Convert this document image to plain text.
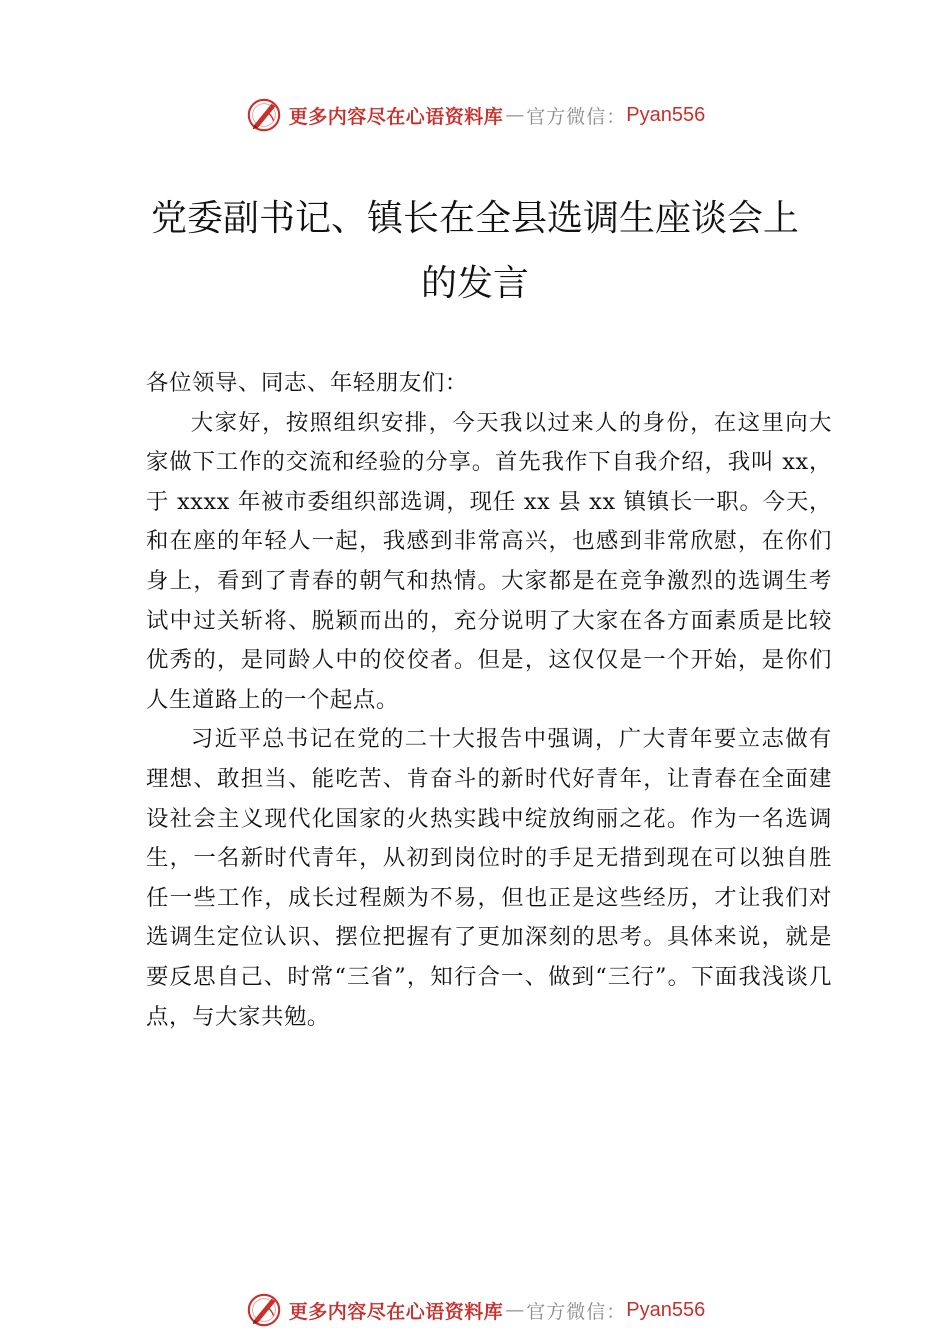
更多内容尽在心语资料库 — 官方微信： Pyan556
党委副书记、镇长在全县选调生座谈会上
的发言

各位领导、同志、年轻朋友们：

大家好，按照组织安排，今天我以过来人的身份，在这里向大家做下工作的交流和经验的分享。首先我作下自我介绍，我叫 xx，于 xxxx 年被市委组织部选调，现任 xx 县 xx 镇镇长一职。今天，和在座的年轻人一起，我感到非常高兴，也感到非常欣慰，在你们身上，看到了青春的朝气和热情。大家都是在竞争激烈的选调生考试中过关斩将、脱颖而出的，充分说明了大家在各方面素质是比较优秀的，是同龄人中的佼佼者。但是，这仅仅是一个开始，是你们人生道路上的一个起点。

习近平总书记在党的二十大报告中强调，广大青年要立志做有理想、敢担当、能吃苦、肯奋斗的新时代好青年，让青春在全面建设社会主义现代化国家的火热实践中绽放绚丽之花。作为一名选调生，一名新时代青年，从初到岗位时的手足无措到现在可以独自胜任一些工作，成长过程颇为不易，但也正是这些经历，才让我们对选调生定位认识、摆位把握有了更加深刻的思考。具体来说，就是要反思自己、时常“三省”，知行合一、做到“三行”。下面我浅谈几点，与大家共勉。

更多内容尽在心语资料库 — 官方微信： Pyan556
